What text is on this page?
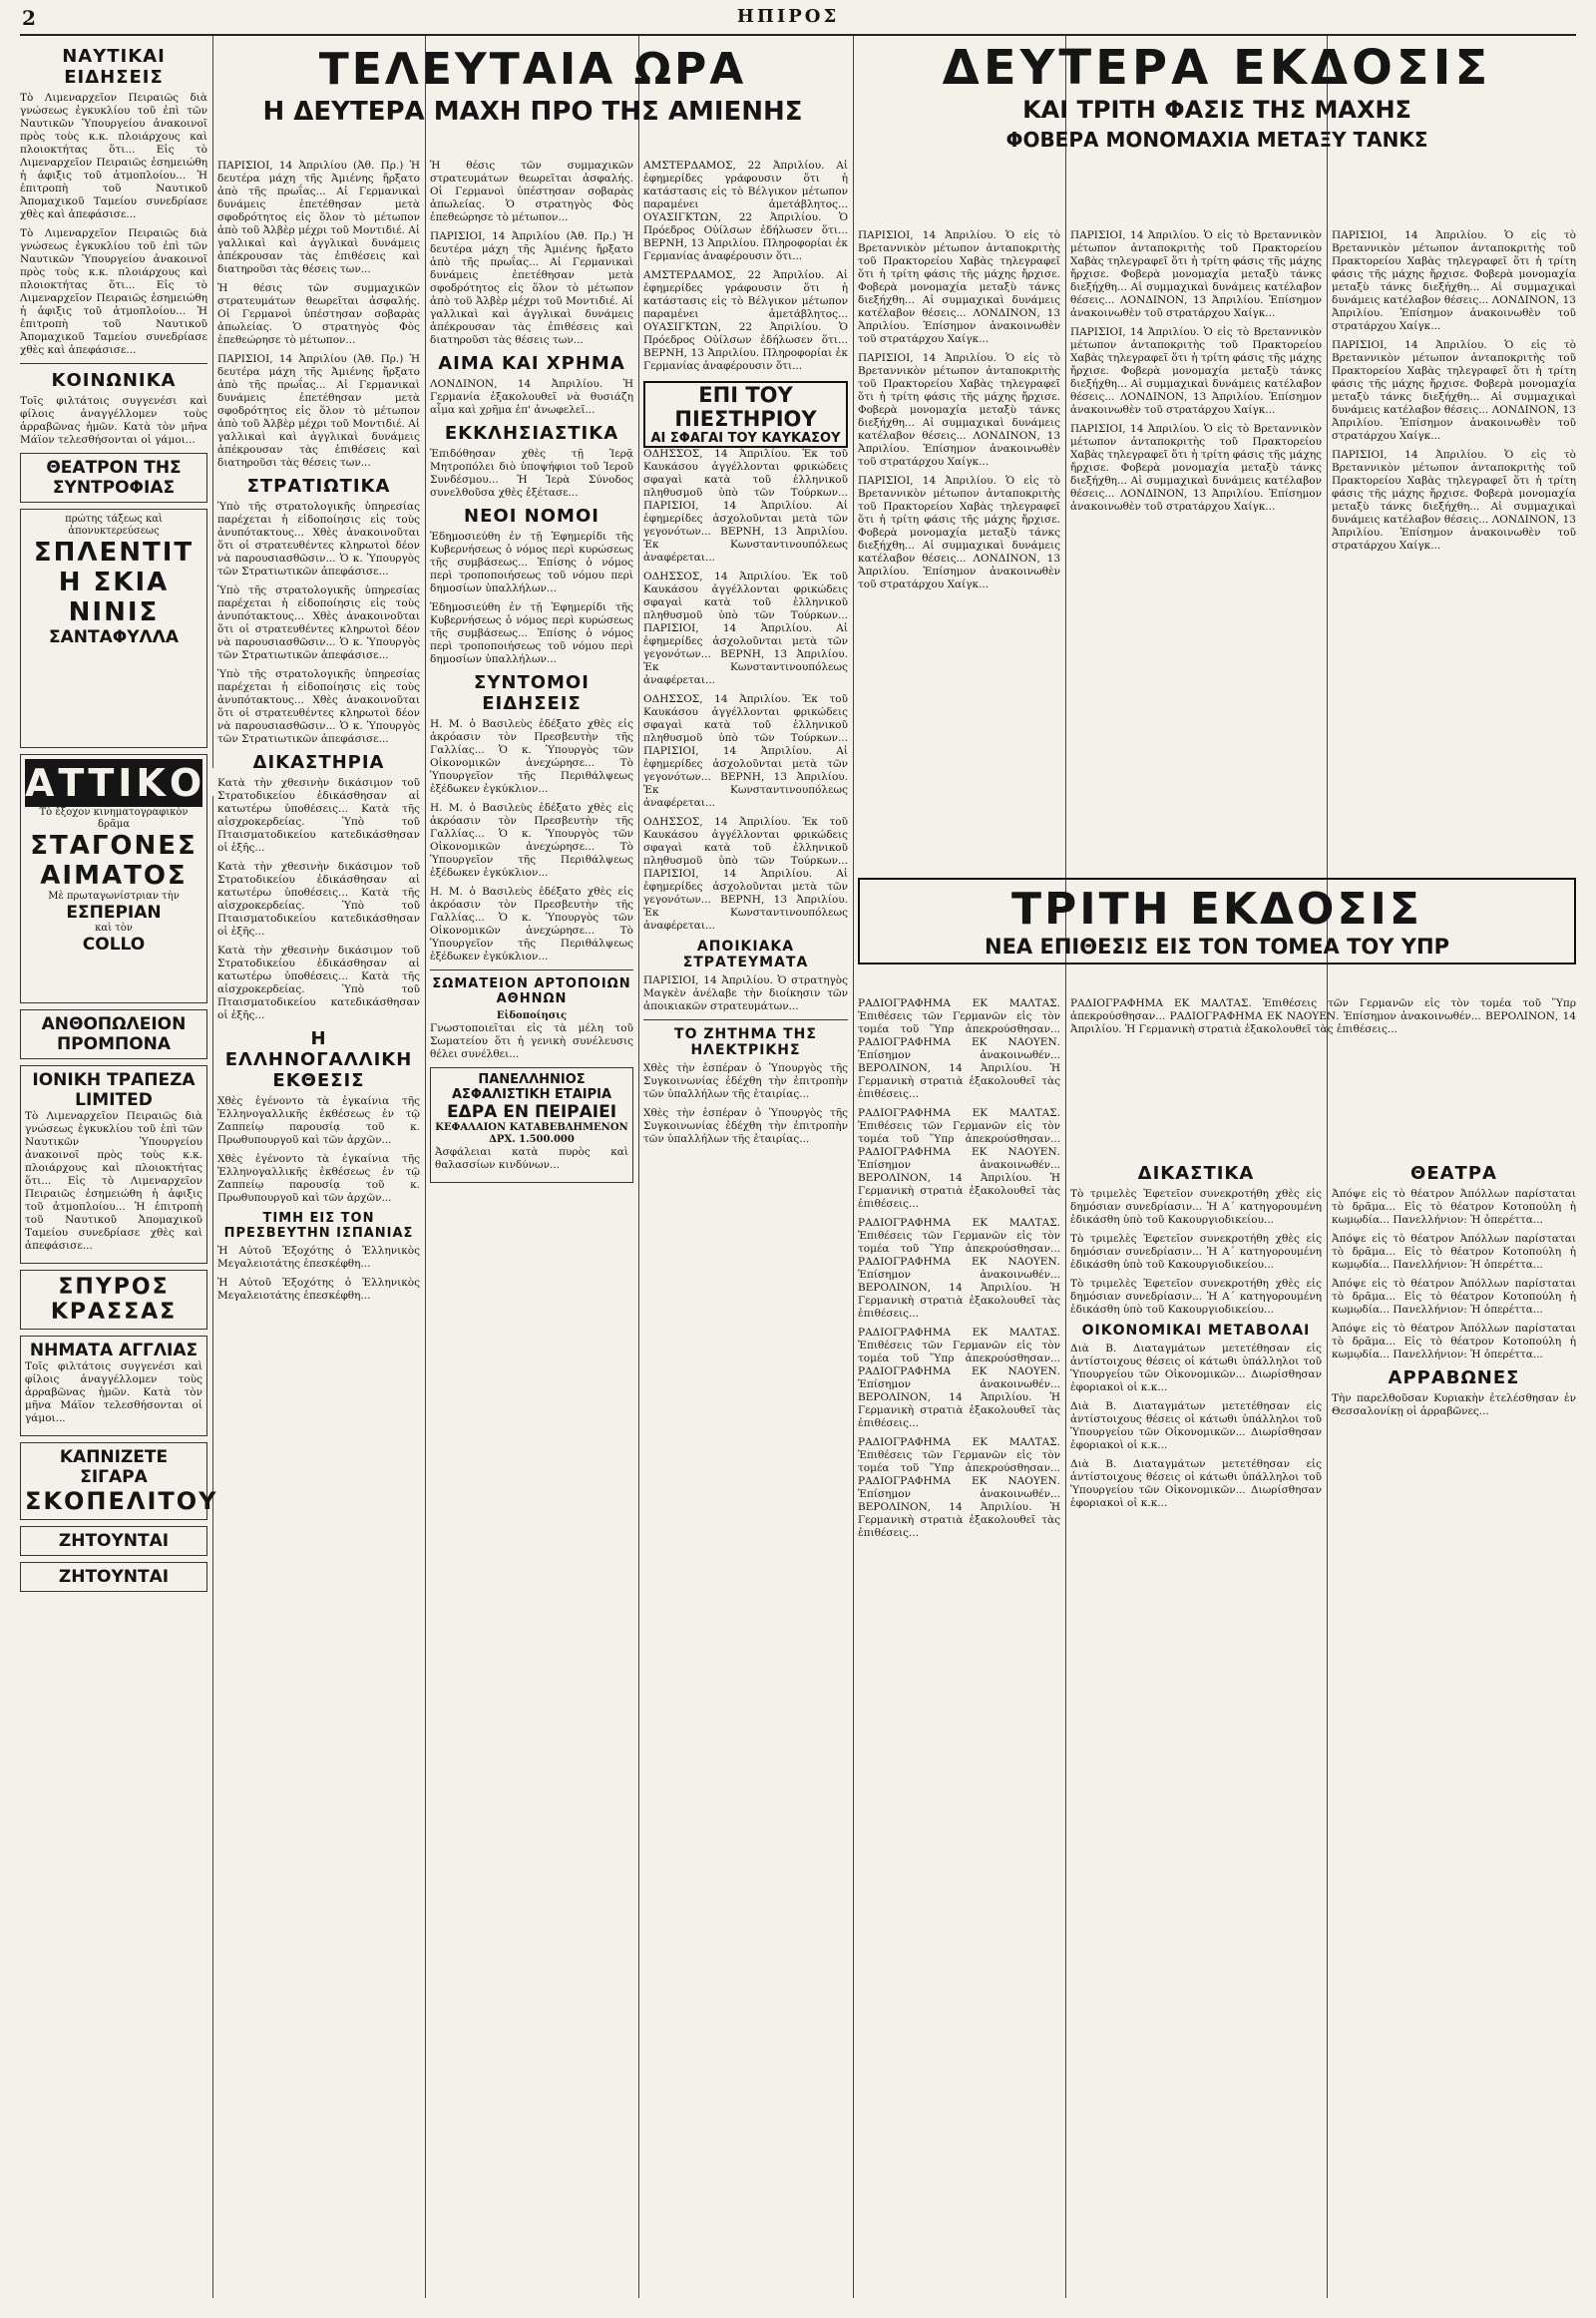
2	ΗΠΙΡΟΣ
ΝΑΥΤΙΚΑΙ ΕΙΔΗΣΕΙΣ

Τὸ Λιμεναρχεῖον Πειραιῶς διὰ γνώσεως ἐγκυκλίου τοῦ ἐπὶ τῶν Ναυτικῶν Ὑπουργείου ἀνακοινοῖ πρὸς τοὺς κ.κ. πλοιάρχους καὶ πλοιοκτήτας ὅτι... Εἰς τὸ Λιμεναρχεῖον Πειραιῶς ἐσημειώθη ἡ ἀφιξις τοῦ ἀτμοπλοίου... Ἡ ἐπιτροπὴ τοῦ Ναυτικοῦ Ἀπομαχικοῦ Ταμείου συνεδρίασε χθὲς καὶ ἀπεφάσισε...

Τὸ Λιμεναρχεῖον Πειραιῶς διὰ γνώσεως ἐγκυκλίου τοῦ ἐπὶ τῶν Ναυτικῶν Ὑπουργείου ἀνακοινοῖ πρὸς τοὺς κ.κ. πλοιάρχους καὶ πλοιοκτήτας ὅτι... Εἰς τὸ Λιμεναρχεῖον Πειραιῶς ἐσημειώθη ἡ ἀφιξις τοῦ ἀτμοπλοίου... Ἡ ἐπιτροπὴ τοῦ Ναυτικοῦ Ἀπομαχικοῦ Ταμείου συνεδρίασε χθὲς καὶ ἀπεφάσισε...

ΚΟΙΝΩΝΙΚΑ

Τοῖς φιλτάτοις συγγενέσι καὶ φίλοις ἀναγγέλλομεν τοὺς ἀρραβῶνας ἡμῶν. Κατὰ τὸν μῆνα Μάϊον τελεσθήσονται οἱ γάμοι...

ΘΕΑΤΡΟΝ ΤΗΣ ΣΥΝΤΡΟΦΙΑΣ
πρώτης τάξεως καὶ ἀπονυκτερεύσεως
ΣΠΛΕΝΤΙΤ
Η ΣΚΙΑ
ΝΙΝΙΣ
ΣΑΝΤΑΦΥΛΛΑ
ΑΤΤΙΚΟΝ
Τὸ ἔξοχον κινηματογραφικὸν δρᾶμα
ΣΤΑΓΟΝΕΣ ΑΙΜΑΤΟΣ
Μὲ πρωταγωνίστριαν τὴν
ΕΣΠΕΡΙΑΝ
καὶ τὸν
COLLO
ΑΝΘΟΠΩΛΕΙΟΝ
ΠΡΟΜΠΟΝΑ
ΙΟΝΙΚΗ ΤΡΑΠΕΖΑ LIMITED

Τὸ Λιμεναρχεῖον Πειραιῶς διὰ γνώσεως ἐγκυκλίου τοῦ ἐπὶ τῶν Ναυτικῶν Ὑπουργείου ἀνακοινοῖ πρὸς τοὺς κ.κ. πλοιάρχους καὶ πλοιοκτήτας ὅτι... Εἰς τὸ Λιμεναρχεῖον Πειραιῶς ἐσημειώθη ἡ ἀφιξις τοῦ ἀτμοπλοίου... Ἡ ἐπιτροπὴ τοῦ Ναυτικοῦ Ἀπομαχικοῦ Ταμείου συνεδρίασε χθὲς καὶ ἀπεφάσισε...

ΣΠΥΡΟΣ ΚΡΑΣΣΑΣ
ΝΗΜΑΤΑ ΑΓΓΛΙΑΣ

Τοῖς φιλτάτοις συγγενέσι καὶ φίλοις ἀναγγέλλομεν τοὺς ἀρραβῶνας ἡμῶν. Κατὰ τὸν μῆνα Μάϊον τελεσθήσονται οἱ γάμοι...

ΚΑΠΝΙΖΕΤΕ ΣΙΓΑΡΑ
ΣΚΟΠΕΛΙΤΟΥ
ΖΗΤΟΥΝΤΑΙ
ΖΗΤΟΥΝΤΑΙ
ΤΕΛΕΥΤΑΙΑ ΩΡΑ
Η ΔΕΥΤΕΡΑ ΜΑΧΗ ΠΡΟ ΤΗΣ ΑΜΙΕΝΗΣ

ΠΑΡΙΣΙΟΙ, 14 Ἀπριλίου (Ἀθ. Πρ.) Ἡ δευτέρα μάχη τῆς Ἀμιένης ἤρξατο ἀπὸ τῆς πρωΐας... Αἱ Γερμανικαὶ δυνάμεις ἐπετέθησαν μετὰ σφοδρότητος εἰς ὅλον τὸ μέτωπον ἀπὸ τοῦ Ἀλβὲρ μέχρι τοῦ Μοντιδιέ. Αἱ γαλλικαὶ καὶ ἀγγλικαὶ δυνάμεις ἀπέκρουσαν τὰς ἐπιθέσεις καὶ διατηροῦσι τὰς θέσεις των...

Ἡ θέσις τῶν συμμαχικῶν στρατευμάτων θεωρεῖται ἀσφαλής. Οἱ Γερμανοὶ ὑπέστησαν σοβαρὰς ἀπωλείας. Ὁ στρατηγὸς Φὸς ἐπεθεώρησε τὸ μέτωπον...

ΠΑΡΙΣΙΟΙ, 14 Ἀπριλίου (Ἀθ. Πρ.) Ἡ δευτέρα μάχη τῆς Ἀμιένης ἤρξατο ἀπὸ τῆς πρωΐας... Αἱ Γερμανικαὶ δυνάμεις ἐπετέθησαν μετὰ σφοδρότητος εἰς ὅλον τὸ μέτωπον ἀπὸ τοῦ Ἀλβὲρ μέχρι τοῦ Μοντιδιέ. Αἱ γαλλικαὶ καὶ ἀγγλικαὶ δυνάμεις ἀπέκρουσαν τὰς ἐπιθέσεις καὶ διατηροῦσι τὰς θέσεις των...

ΣΤΡΑΤΙΩΤΙΚΑ

Ὑπὸ τῆς στρατολογικῆς ὑπηρεσίας παρέχεται ἡ εἰδοποίησις εἰς τοὺς ἀνυπότακτους... Χθὲς ἀνακοινοῦται ὅτι οἱ στρατευθέντες κληρωτοὶ δέον νὰ παρουσιασθῶσιν... Ὁ κ. Ὑπουργὸς τῶν Στρατιωτικῶν ἀπεφάσισε...

Ὑπὸ τῆς στρατολογικῆς ὑπηρεσίας παρέχεται ἡ εἰδοποίησις εἰς τοὺς ἀνυπότακτους... Χθὲς ἀνακοινοῦται ὅτι οἱ στρατευθέντες κληρωτοὶ δέον νὰ παρουσιασθῶσιν... Ὁ κ. Ὑπουργὸς τῶν Στρατιωτικῶν ἀπεφάσισε...

Ὑπὸ τῆς στρατολογικῆς ὑπηρεσίας παρέχεται ἡ εἰδοποίησις εἰς τοὺς ἀνυπότακτους... Χθὲς ἀνακοινοῦται ὅτι οἱ στρατευθέντες κληρωτοὶ δέον νὰ παρουσιασθῶσιν... Ὁ κ. Ὑπουργὸς τῶν Στρατιωτικῶν ἀπεφάσισε...

ΔΙΚΑΣΤΗΡΙΑ

Κατὰ τὴν χθεσινὴν δικάσιμον τοῦ Στρατοδικείου ἐδικάσθησαν αἱ κατωτέρω ὑποθέσεις... Κατὰ τῆς αἰσχροκερδείας. Ὑπὸ τοῦ Πταισματοδικείου κατεδικάσθησαν οἱ ἑξῆς...

Κατὰ τὴν χθεσινὴν δικάσιμον τοῦ Στρατοδικείου ἐδικάσθησαν αἱ κατωτέρω ὑποθέσεις... Κατὰ τῆς αἰσχροκερδείας. Ὑπὸ τοῦ Πταισματοδικείου κατεδικάσθησαν οἱ ἑξῆς...

Κατὰ τὴν χθεσινὴν δικάσιμον τοῦ Στρατοδικείου ἐδικάσθησαν αἱ κατωτέρω ὑποθέσεις... Κατὰ τῆς αἰσχροκερδείας. Ὑπὸ τοῦ Πταισματοδικείου κατεδικάσθησαν οἱ ἑξῆς...

Η ΕΛΛΗΝΟΓΑΛΛΙΚΗ ΕΚΘΕΣΙΣ

Χθὲς ἐγένοντο τὰ ἐγκαίνια τῆς Ἑλληνογαλλικῆς ἐκθέσεως ἐν τῷ Ζαππείῳ παρουσίᾳ τοῦ κ. Πρωθυπουργοῦ καὶ τῶν ἀρχῶν...

Χθὲς ἐγένοντο τὰ ἐγκαίνια τῆς Ἑλληνογαλλικῆς ἐκθέσεως ἐν τῷ Ζαππείῳ παρουσίᾳ τοῦ κ. Πρωθυπουργοῦ καὶ τῶν ἀρχῶν...

ΤΙΜΗ ΕΙΣ ΤΟΝ ΠΡΕΣΒΕΥΤΗΝ ΙΣΠΑΝΙΑΣ

Ἡ Αὐτοῦ Ἐξοχότης ὁ Ἑλληνικὸς Μεγαλειοτάτης ἐπεσκέφθη...

Ἡ Αὐτοῦ Ἐξοχότης ὁ Ἑλληνικὸς Μεγαλειοτάτης ἐπεσκέφθη...

Ἡ θέσις τῶν συμμαχικῶν στρατευμάτων θεωρεῖται ἀσφαλής. Οἱ Γερμανοὶ ὑπέστησαν σοβαρὰς ἀπωλείας. Ὁ στρατηγὸς Φὸς ἐπεθεώρησε τὸ μέτωπον...

ΠΑΡΙΣΙΟΙ, 14 Ἀπριλίου (Ἀθ. Πρ.) Ἡ δευτέρα μάχη τῆς Ἀμιένης ἤρξατο ἀπὸ τῆς πρωΐας... Αἱ Γερμανικαὶ δυνάμεις ἐπετέθησαν μετὰ σφοδρότητος εἰς ὅλον τὸ μέτωπον ἀπὸ τοῦ Ἀλβὲρ μέχρι τοῦ Μοντιδιέ. Αἱ γαλλικαὶ καὶ ἀγγλικαὶ δυνάμεις ἀπέκρουσαν τὰς ἐπιθέσεις καὶ διατηροῦσι τὰς θέσεις των...

ΑΙΜΑ ΚΑΙ ΧΡΗΜΑ

ΛΟΝΔΙΝΟΝ, 14 Ἀπριλίου. Ἡ Γερμανία ἐξακολουθεῖ νὰ θυσιάζη αἷμα καὶ χρῆμα ἐπ' ἀνωφελεῖ...

ΕΚΚΛΗΣΙΑΣΤΙΚΑ

Ἐπιδόθησαν χθὲς τῇ Ἱερᾷ Μητροπόλει διὸ ὑποψήφιοι τοῦ Ἱεροῦ Συνδέσμου... Ἡ Ἱερὰ Σύνοδος συνελθοῦσα χθὲς ἐξέτασε...

ΝΕΟΙ ΝΟΜΟΙ

Ἐδημοσιεύθη ἐν τῇ Ἐφημερίδι τῆς Κυβερνήσεως ὁ νόμος περὶ κυρώσεως τῆς συμβάσεως... Ἐπίσης ὁ νόμος περὶ τροποποιήσεως τοῦ νόμου περὶ δημοσίων ὑπαλλήλων...

Ἐδημοσιεύθη ἐν τῇ Ἐφημερίδι τῆς Κυβερνήσεως ὁ νόμος περὶ κυρώσεως τῆς συμβάσεως... Ἐπίσης ὁ νόμος περὶ τροποποιήσεως τοῦ νόμου περὶ δημοσίων ὑπαλλήλων...

ΣΥΝΤΟΜΟΙ ΕΙΔΗΣΕΙΣ

Η. Μ. ὁ Βασιλεὺς ἐδέξατο χθὲς εἰς ἀκρόασιν τὸν Πρεσβευτὴν τῆς Γαλλίας... Ὁ κ. Ὑπουργὸς τῶν Οἰκονομικῶν ἀνεχώρησε... Τὸ Ὑπουργεῖον τῆς Περιθάλψεως ἐξέδωκεν ἐγκύκλιον...

Η. Μ. ὁ Βασιλεὺς ἐδέξατο χθὲς εἰς ἀκρόασιν τὸν Πρεσβευτὴν τῆς Γαλλίας... Ὁ κ. Ὑπουργὸς τῶν Οἰκονομικῶν ἀνεχώρησε... Τὸ Ὑπουργεῖον τῆς Περιθάλψεως ἐξέδωκεν ἐγκύκλιον...

Η. Μ. ὁ Βασιλεὺς ἐδέξατο χθὲς εἰς ἀκρόασιν τὸν Πρεσβευτὴν τῆς Γαλλίας... Ὁ κ. Ὑπουργὸς τῶν Οἰκονομικῶν ἀνεχώρησε... Τὸ Ὑπουργεῖον τῆς Περιθάλψεως ἐξέδωκεν ἐγκύκλιον...

ΣΩΜΑΤΕΙΟΝ ΑΡΤΟΠΟΙΩΝ ΑΘΗΝΩΝ
Εἰδοποίησις

Γνωστοποιεῖται εἰς τὰ μέλη τοῦ Σωματείου ὅτι ἡ γενικὴ συνέλευσις θέλει συνέλθει...

ΠΑΝΕΛΛΗΝΙΟΣ ΑΣΦΑΛΙΣΤΙΚΗ ΕΤΑΙΡΙΑ
ΕΔΡΑ ΕΝ ΠΕΙΡΑΙΕΙ
ΚΕΦΑΛΑΙΟΝ ΚΑΤΑΒΕΒΛΗΜΕΝΟΝ ΔΡΧ. 1.500.000

Ἀσφάλειαι κατὰ πυρὸς καὶ θαλασσίων κινδύνων...

ΑΜΣΤΕΡΔΑΜΟΣ, 22 Ἀπριλίου. Αἱ ἐφημερίδες γράφουσιν ὅτι ἡ κατάστασις εἰς τὸ Βέλγικον μέτωπον παραμένει ἀμετάβλητος... ΟΥΑΣΙΓΚΤΩΝ, 22 Ἀπριλίου. Ὁ Πρόεδρος Οὐίλσων ἐδήλωσεν ὅτι... ΒΕΡΝΗ, 13 Ἀπριλίου. Πληροφορίαι ἐκ Γερμανίας ἀναφέρουσιν ὅτι...

ΑΜΣΤΕΡΔΑΜΟΣ, 22 Ἀπριλίου. Αἱ ἐφημερίδες γράφουσιν ὅτι ἡ κατάστασις εἰς τὸ Βέλγικον μέτωπον παραμένει ἀμετάβλητος... ΟΥΑΣΙΓΚΤΩΝ, 22 Ἀπριλίου. Ὁ Πρόεδρος Οὐίλσων ἐδήλωσεν ὅτι... ΒΕΡΝΗ, 13 Ἀπριλίου. Πληροφορίαι ἐκ Γερμανίας ἀναφέρουσιν ὅτι...

ΕΠΙ ΤΟΥ ΠΙΕΣΤΗΡΙΟΥ
ΑΙ ΣΦΑΓΑΙ ΤΟΥ ΚΑΥΚΑΣΟΥ

ΟΔΗΣΣΟΣ, 14 Ἀπριλίου. Ἐκ τοῦ Καυκάσου ἀγγέλλονται φρικώδεις σφαγαὶ κατὰ τοῦ ἑλληνικοῦ πληθυσμοῦ ὑπὸ τῶν Τούρκων... ΠΑΡΙΣΙΟΙ, 14 Ἀπριλίου. Αἱ ἐφημερίδες ἀσχολοῦνται μετὰ τῶν γεγονότων... ΒΕΡΝΗ, 13 Ἀπριλίου. Ἐκ Κωνσταντινουπόλεως ἀναφέρεται...

ΟΔΗΣΣΟΣ, 14 Ἀπριλίου. Ἐκ τοῦ Καυκάσου ἀγγέλλονται φρικώδεις σφαγαὶ κατὰ τοῦ ἑλληνικοῦ πληθυσμοῦ ὑπὸ τῶν Τούρκων... ΠΑΡΙΣΙΟΙ, 14 Ἀπριλίου. Αἱ ἐφημερίδες ἀσχολοῦνται μετὰ τῶν γεγονότων... ΒΕΡΝΗ, 13 Ἀπριλίου. Ἐκ Κωνσταντινουπόλεως ἀναφέρεται...

ΟΔΗΣΣΟΣ, 14 Ἀπριλίου. Ἐκ τοῦ Καυκάσου ἀγγέλλονται φρικώδεις σφαγαὶ κατὰ τοῦ ἑλληνικοῦ πληθυσμοῦ ὑπὸ τῶν Τούρκων... ΠΑΡΙΣΙΟΙ, 14 Ἀπριλίου. Αἱ ἐφημερίδες ἀσχολοῦνται μετὰ τῶν γεγονότων... ΒΕΡΝΗ, 13 Ἀπριλίου. Ἐκ Κωνσταντινουπόλεως ἀναφέρεται...

ΟΔΗΣΣΟΣ, 14 Ἀπριλίου. Ἐκ τοῦ Καυκάσου ἀγγέλλονται φρικώδεις σφαγαὶ κατὰ τοῦ ἑλληνικοῦ πληθυσμοῦ ὑπὸ τῶν Τούρκων... ΠΑΡΙΣΙΟΙ, 14 Ἀπριλίου. Αἱ ἐφημερίδες ἀσχολοῦνται μετὰ τῶν γεγονότων... ΒΕΡΝΗ, 13 Ἀπριλίου. Ἐκ Κωνσταντινουπόλεως ἀναφέρεται...

ΑΠΟΙΚΙΑΚΑ ΣΤΡΑΤΕΥΜΑΤΑ

ΠΑΡΙΣΙΟΙ, 14 Ἀπριλίου. Ὁ στρατηγὸς Μαγκὲν ἀνέλαβε τὴν διοίκησιν τῶν ἀποικιακῶν στρατευμάτων...

ΤΟ ΖΗΤΗΜΑ ΤΗΣ ΗΛΕΚΤΡΙΚΗΣ

Χθὲς τὴν ἑσπέραν ὁ Ὑπουργὸς τῆς Συγκοινωνίας ἐδέχθη τὴν ἐπιτροπὴν τῶν ὑπαλλήλων τῆς ἑταιρίας...

Χθὲς τὴν ἑσπέραν ὁ Ὑπουργὸς τῆς Συγκοινωνίας ἐδέχθη τὴν ἐπιτροπὴν τῶν ὑπαλλήλων τῆς ἑταιρίας...

ΔΕΥΤΕΡΑ ΕΚΔΟΣΙΣ
ΚΑΙ ΤΡΙΤΗ ΦΑΣΙΣ ΤΗΣ ΜΑΧΗΣ
ΦΟΒΕΡΑ ΜΟΝΟΜΑΧΙΑ ΜΕΤΑΞΥ ΤΑΝΚΣ

ΠΑΡΙΣΙΟΙ, 14 Ἀπριλίου. Ὁ εἰς τὸ Βρεταννικὸν μέτωπον ἀνταποκριτὴς τοῦ Πρακτορείου Χαβὰς τηλεγραφεῖ ὅτι ἡ τρίτη φάσις τῆς μάχης ἤρχισε. Φοβερὰ μονομαχία μεταξὺ τάνκς διεξήχθη... Αἱ συμμαχικαὶ δυνάμεις κατέλαβον θέσεις... ΛΟΝΔΙΝΟΝ, 13 Ἀπριλίου. Ἐπίσημον ἀνακοινωθὲν τοῦ στρατάρχου Χαίγκ...

ΠΑΡΙΣΙΟΙ, 14 Ἀπριλίου. Ὁ εἰς τὸ Βρεταννικὸν μέτωπον ἀνταποκριτὴς τοῦ Πρακτορείου Χαβὰς τηλεγραφεῖ ὅτι ἡ τρίτη φάσις τῆς μάχης ἤρχισε. Φοβερὰ μονομαχία μεταξὺ τάνκς διεξήχθη... Αἱ συμμαχικαὶ δυνάμεις κατέλαβον θέσεις... ΛΟΝΔΙΝΟΝ, 13 Ἀπριλίου. Ἐπίσημον ἀνακοινωθὲν τοῦ στρατάρχου Χαίγκ...

ΠΑΡΙΣΙΟΙ, 14 Ἀπριλίου. Ὁ εἰς τὸ Βρεταννικὸν μέτωπον ἀνταποκριτὴς τοῦ Πρακτορείου Χαβὰς τηλεγραφεῖ ὅτι ἡ τρίτη φάσις τῆς μάχης ἤρχισε. Φοβερὰ μονομαχία μεταξὺ τάνκς διεξήχθη... Αἱ συμμαχικαὶ δυνάμεις κατέλαβον θέσεις... ΛΟΝΔΙΝΟΝ, 13 Ἀπριλίου. Ἐπίσημον ἀνακοινωθὲν τοῦ στρατάρχου Χαίγκ...

ΠΑΡΙΣΙΟΙ, 14 Ἀπριλίου. Ὁ εἰς τὸ Βρεταννικὸν μέτωπον ἀνταποκριτὴς τοῦ Πρακτορείου Χαβὰς τηλεγραφεῖ ὅτι ἡ τρίτη φάσις τῆς μάχης ἤρχισε. Φοβερὰ μονομαχία μεταξὺ τάνκς διεξήχθη... Αἱ συμμαχικαὶ δυνάμεις κατέλαβον θέσεις... ΛΟΝΔΙΝΟΝ, 13 Ἀπριλίου. Ἐπίσημον ἀνακοινωθὲν τοῦ στρατάρχου Χαίγκ...

ΠΑΡΙΣΙΟΙ, 14 Ἀπριλίου. Ὁ εἰς τὸ Βρεταννικὸν μέτωπον ἀνταποκριτὴς τοῦ Πρακτορείου Χαβὰς τηλεγραφεῖ ὅτι ἡ τρίτη φάσις τῆς μάχης ἤρχισε. Φοβερὰ μονομαχία μεταξὺ τάνκς διεξήχθη... Αἱ συμμαχικαὶ δυνάμεις κατέλαβον θέσεις... ΛΟΝΔΙΝΟΝ, 13 Ἀπριλίου. Ἐπίσημον ἀνακοινωθὲν τοῦ στρατάρχου Χαίγκ...

ΠΑΡΙΣΙΟΙ, 14 Ἀπριλίου. Ὁ εἰς τὸ Βρεταννικὸν μέτωπον ἀνταποκριτὴς τοῦ Πρακτορείου Χαβὰς τηλεγραφεῖ ὅτι ἡ τρίτη φάσις τῆς μάχης ἤρχισε. Φοβερὰ μονομαχία μεταξὺ τάνκς διεξήχθη... Αἱ συμμαχικαὶ δυνάμεις κατέλαβον θέσεις... ΛΟΝΔΙΝΟΝ, 13 Ἀπριλίου. Ἐπίσημον ἀνακοινωθὲν τοῦ στρατάρχου Χαίγκ...

ΠΑΡΙΣΙΟΙ, 14 Ἀπριλίου. Ὁ εἰς τὸ Βρεταννικὸν μέτωπον ἀνταποκριτὴς τοῦ Πρακτορείου Χαβὰς τηλεγραφεῖ ὅτι ἡ τρίτη φάσις τῆς μάχης ἤρχισε. Φοβερὰ μονομαχία μεταξὺ τάνκς διεξήχθη... Αἱ συμμαχικαὶ δυνάμεις κατέλαβον θέσεις... ΛΟΝΔΙΝΟΝ, 13 Ἀπριλίου. Ἐπίσημον ἀνακοινωθὲν τοῦ στρατάρχου Χαίγκ...

ΠΑΡΙΣΙΟΙ, 14 Ἀπριλίου. Ὁ εἰς τὸ Βρεταννικὸν μέτωπον ἀνταποκριτὴς τοῦ Πρακτορείου Χαβὰς τηλεγραφεῖ ὅτι ἡ τρίτη φάσις τῆς μάχης ἤρχισε. Φοβερὰ μονομαχία μεταξὺ τάνκς διεξήχθη... Αἱ συμμαχικαὶ δυνάμεις κατέλαβον θέσεις... ΛΟΝΔΙΝΟΝ, 13 Ἀπριλίου. Ἐπίσημον ἀνακοινωθὲν τοῦ στρατάρχου Χαίγκ...

ΠΑΡΙΣΙΟΙ, 14 Ἀπριλίου. Ὁ εἰς τὸ Βρεταννικὸν μέτωπον ἀνταποκριτὴς τοῦ Πρακτορείου Χαβὰς τηλεγραφεῖ ὅτι ἡ τρίτη φάσις τῆς μάχης ἤρχισε. Φοβερὰ μονομαχία μεταξὺ τάνκς διεξήχθη... Αἱ συμμαχικαὶ δυνάμεις κατέλαβον θέσεις... ΛΟΝΔΙΝΟΝ, 13 Ἀπριλίου. Ἐπίσημον ἀνακοινωθὲν τοῦ στρατάρχου Χαίγκ...

ΤΡΙΤΗ ΕΚΔΟΣΙΣ
ΝΕΑ ΕΠΙΘΕΣΙΣ ΕΙΣ ΤΟΝ ΤΟΜΕΑ ΤΟΥ ΥΠΡ

ΡΑΔΙΟΓΡΑΦΗΜΑ ΕΚ ΜΑΛΤΑΣ. Ἐπιθέσεις τῶν Γερμανῶν εἰς τὸν τομέα τοῦ Ὕπρ ἀπεκρούσθησαν... ΡΑΔΙΟΓΡΑΦΗΜΑ ΕΚ ΝΑΟΥΕΝ. Ἐπίσημον ἀνακοινωθέν... ΒΕΡΟΛΙΝΟΝ, 14 Ἀπριλίου. Ἡ Γερμανικὴ στρατιὰ ἐξακολουθεῖ τὰς ἐπιθέσεις...

ΡΑΔΙΟΓΡΑΦΗΜΑ ΕΚ ΜΑΛΤΑΣ. Ἐπιθέσεις τῶν Γερμανῶν εἰς τὸν τομέα τοῦ Ὕπρ ἀπεκρούσθησαν... ΡΑΔΙΟΓΡΑΦΗΜΑ ΕΚ ΝΑΟΥΕΝ. Ἐπίσημον ἀνακοινωθέν... ΒΕΡΟΛΙΝΟΝ, 14 Ἀπριλίου. Ἡ Γερμανικὴ στρατιὰ ἐξακολουθεῖ τὰς ἐπιθέσεις...

ΡΑΔΙΟΓΡΑΦΗΜΑ ΕΚ ΜΑΛΤΑΣ. Ἐπιθέσεις τῶν Γερμανῶν εἰς τὸν τομέα τοῦ Ὕπρ ἀπεκρούσθησαν... ΡΑΔΙΟΓΡΑΦΗΜΑ ΕΚ ΝΑΟΥΕΝ. Ἐπίσημον ἀνακοινωθέν... ΒΕΡΟΛΙΝΟΝ, 14 Ἀπριλίου. Ἡ Γερμανικὴ στρατιὰ ἐξακολουθεῖ τὰς ἐπιθέσεις...

ΡΑΔΙΟΓΡΑΦΗΜΑ ΕΚ ΜΑΛΤΑΣ. Ἐπιθέσεις τῶν Γερμανῶν εἰς τὸν τομέα τοῦ Ὕπρ ἀπεκρούσθησαν... ΡΑΔΙΟΓΡΑΦΗΜΑ ΕΚ ΝΑΟΥΕΝ. Ἐπίσημον ἀνακοινωθέν... ΒΕΡΟΛΙΝΟΝ, 14 Ἀπριλίου. Ἡ Γερμανικὴ στρατιὰ ἐξακολουθεῖ τὰς ἐπιθέσεις...

ΡΑΔΙΟΓΡΑΦΗΜΑ ΕΚ ΜΑΛΤΑΣ. Ἐπιθέσεις τῶν Γερμανῶν εἰς τὸν τομέα τοῦ Ὕπρ ἀπεκρούσθησαν... ΡΑΔΙΟΓΡΑΦΗΜΑ ΕΚ ΝΑΟΥΕΝ. Ἐπίσημον ἀνακοινωθέν... ΒΕΡΟΛΙΝΟΝ, 14 Ἀπριλίου. Ἡ Γερμανικὴ στρατιὰ ἐξακολουθεῖ τὰς ἐπιθέσεις...

ΡΑΔΙΟΓΡΑΦΗΜΑ ΕΚ ΜΑΛΤΑΣ. Ἐπιθέσεις τῶν Γερμανῶν εἰς τὸν τομέα τοῦ Ὕπρ ἀπεκρούσθησαν... ΡΑΔΙΟΓΡΑΦΗΜΑ ΕΚ ΝΑΟΥΕΝ. Ἐπίσημον ἀνακοινωθέν... ΒΕΡΟΛΙΝΟΝ, 14 Ἀπριλίου. Ἡ Γερμανικὴ στρατιὰ ἐξακολουθεῖ τὰς ἐπιθέσεις...

ΔΙΚΑΣΤΙΚΑ

Τὸ τριμελὲς Ἐφετεῖον συνεκροτήθη χθὲς εἰς δημόσιαν συνεδρίασιν... Ἡ Α΄ κατηγορουμένη ἐδικάσθη ὑπὸ τοῦ Κακουργιοδικείου...

Τὸ τριμελὲς Ἐφετεῖον συνεκροτήθη χθὲς εἰς δημόσιαν συνεδρίασιν... Ἡ Α΄ κατηγορουμένη ἐδικάσθη ὑπὸ τοῦ Κακουργιοδικείου...

Τὸ τριμελὲς Ἐφετεῖον συνεκροτήθη χθὲς εἰς δημόσιαν συνεδρίασιν... Ἡ Α΄ κατηγορουμένη ἐδικάσθη ὑπὸ τοῦ Κακουργιοδικείου...

ΟΙΚΟΝΟΜΙΚΑΙ ΜΕΤΑΒΟΛΑΙ

Διὰ Β. Διαταγμάτων μετετέθησαν εἰς ἀντίστοιχους θέσεις οἱ κάτωθι ὑπάλληλοι τοῦ Ὑπουργείου τῶν Οἰκονομικῶν... Διωρίσθησαν ἐφοριακοὶ οἱ κ.κ...

Διὰ Β. Διαταγμάτων μετετέθησαν εἰς ἀντίστοιχους θέσεις οἱ κάτωθι ὑπάλληλοι τοῦ Ὑπουργείου τῶν Οἰκονομικῶν... Διωρίσθησαν ἐφοριακοὶ οἱ κ.κ...

Διὰ Β. Διαταγμάτων μετετέθησαν εἰς ἀντίστοιχους θέσεις οἱ κάτωθι ὑπάλληλοι τοῦ Ὑπουργείου τῶν Οἰκονομικῶν... Διωρίσθησαν ἐφοριακοὶ οἱ κ.κ...

ΘΕΑΤΡΑ

Ἀπόψε εἰς τὸ θέατρον Ἀπόλλων παρίσταται τὸ δρᾶμα... Εἰς τὸ θέατρον Κοτοπούλη ἡ κωμῳδία... Πανελλήνιον: Ἡ ὀπερέττα...

Ἀπόψε εἰς τὸ θέατρον Ἀπόλλων παρίσταται τὸ δρᾶμα... Εἰς τὸ θέατρον Κοτοπούλη ἡ κωμῳδία... Πανελλήνιον: Ἡ ὀπερέττα...

Ἀπόψε εἰς τὸ θέατρον Ἀπόλλων παρίσταται τὸ δρᾶμα... Εἰς τὸ θέατρον Κοτοπούλη ἡ κωμῳδία... Πανελλήνιον: Ἡ ὀπερέττα...

Ἀπόψε εἰς τὸ θέατρον Ἀπόλλων παρίσταται τὸ δρᾶμα... Εἰς τὸ θέατρον Κοτοπούλη ἡ κωμῳδία... Πανελλήνιον: Ἡ ὀπερέττα...

ΑΡΡΑΒΩΝΕΣ

Τὴν παρελθοῦσαν Κυριακὴν ἐτελέσθησαν ἐν Θεσσαλονίκῃ οἱ ἀρραβῶνες...
